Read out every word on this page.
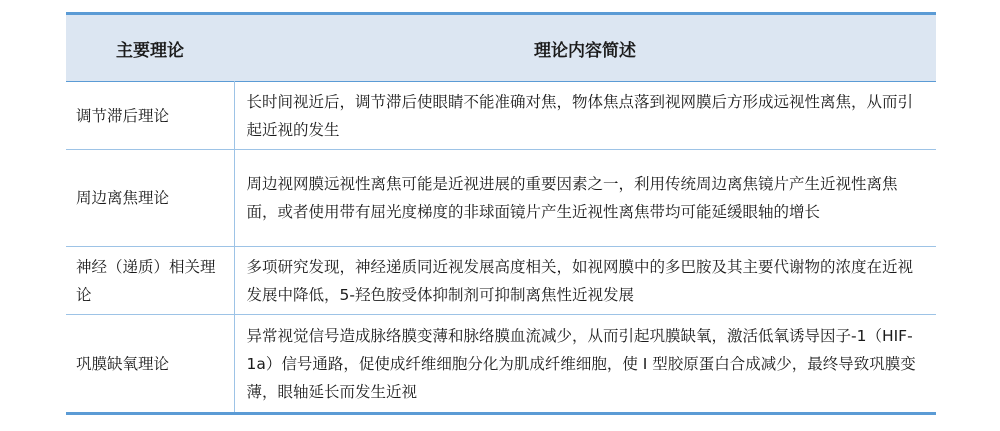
主要理论	理论内容简述
调节滞后理论	长时间视近后，调节滞后使眼睛不能准确对焦，物体焦点落到视网膜后方形成远视性离焦，从而引起近视的发生
周边离焦理论	周边视网膜远视性离焦可能是近视进展的重要因素之一，利用传统周边离焦镜片产生近视性离焦面，或者使用带有屈光度梯度的非球面镜片产生近视性离焦带均可能延缓眼轴的增长
神经（递质）相关理论	多项研究发现，神经递质同近视发展高度相关，如视网膜中的多巴胺及其主要代谢物的浓度在近视发展中降低，5-羟色胺受体抑制剂可抑制离焦性近视发展
巩膜缺氧理论	异常视觉信号造成脉络膜变薄和脉络膜血流减少，从而引起巩膜缺氧，激活低氧诱导因子-1（HIF-1a）信号通路，促使成纤维细胞分化为肌成纤维细胞，使 I 型胶原蛋白合成减少，最终导致巩膜变薄，眼轴延长而发生近视
